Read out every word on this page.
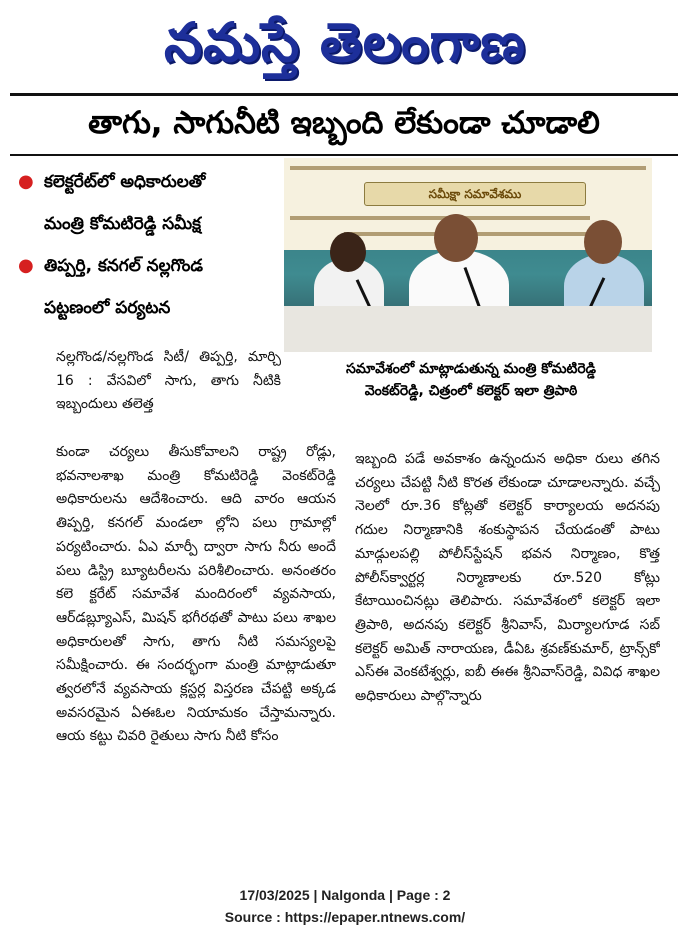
నమస్తే తెలంగాణ
తాగు, సాగునీటి ఇబ్బంది లేకుండా చూడాలి
● కలెక్టరేట్‌లో అధికారులతో
మంత్రి కోమటిరెడ్డి సమీక్ష
● తిప్పర్తి, కనగల్ నల్లగొండ
పట్టణంలో పర్యటన
సమీక్షా సమావేశము
సమావేశంలో మాట్లాడుతున్న మంత్రి కోమటిరెడ్డి
వెంకట్‌రెడ్డి, చిత్రంలో కలెక్టర్ ఇలా త్రిపాఠి
నల్లగొండ/నల్లగొండ సిటీ/ తిప్పర్తి, మార్చి 16 : వేసవిలో సాగు, తాగు నీటికి ఇబ్బందులు తలెత్త
కుండా చర్యలు తీసుకోవాలని రాష్ట్ర రోడ్లు, భవనాలశాఖ మంత్రి కోమటిరెడ్డి వెంకట్‌రెడ్డి అధికారులను ఆదేశించారు. ఆది వారం ఆయన తిప్పర్తి, కనగల్ మండలా ల్లోని పలు గ్రామాల్లో పర్యటించారు. ఏఎ మార్పీ ద్వారా సాగు నీరు అందే పలు డిస్ట్రి బ్యూటరీలను పరిశీలించారు. అనంతరం కలె క్టరేట్ సమావేశ మందిరంలో వ్యవసాయ, ఆర్‌డబ్ల్యూఎస్, మిషన్ భగీరథతో పాటు పలు శాఖల అధికారులతో సాగు, తాగు నీటి సమస్యలపై సమీక్షించారు. ఈ సందర్భంగా మంత్రి మాట్లాడుతూ త్వరలోనే వ్యవసాయ క్లస్టర్ల విస్తరణ చేపట్టి అక్కడ అవసరమైన ఏఈఓల నియామకం చేస్తామన్నారు. ఆయ కట్టు చివరి రైతులు సాగు నీటి కోసం
ఇబ్బంది పడే అవకాశం ఉన్నందున అధికా రులు తగిన చర్యలు చేపట్టి నీటి కొరత లేకుండా చూడాలన్నారు. వచ్చే నెలలో రూ.36 కోట్లతో కలెక్టర్ కార్యాలయ అదనపు గదుల నిర్మాణానికి శంకుస్థాపన చేయడంతో పాటు మాడ్గులపల్లి పోలీస్‌స్టేషన్ భవన నిర్మాణం, కొత్త పోలీస్‌క్వార్టర్ల నిర్మాణాలకు రూ.520 కోట్లు కేటాయించినట్లు తెలిపారు. సమావేశంలో కలెక్టర్ ఇలా త్రిపాఠి, అదనపు కలెక్టర్ శ్రీనివాస్, మిర్యాలగూడ సబ్ కలెక్టర్ అమిత్ నారాయణ, డీఏఓ శ్రవణ్‌కుమార్, ట్రాన్స్‌కో ఎస్ఈ వెంకటేశ్వర్లు, ఐబీ ఈఈ శ్రీనివాస్‌రెడ్డి, వివిధ శాఖల అధికారులు పాల్గొన్నారు
17/03/2025 | Nalgonda | Page : 2
Source : https://epaper.ntnews.com/
